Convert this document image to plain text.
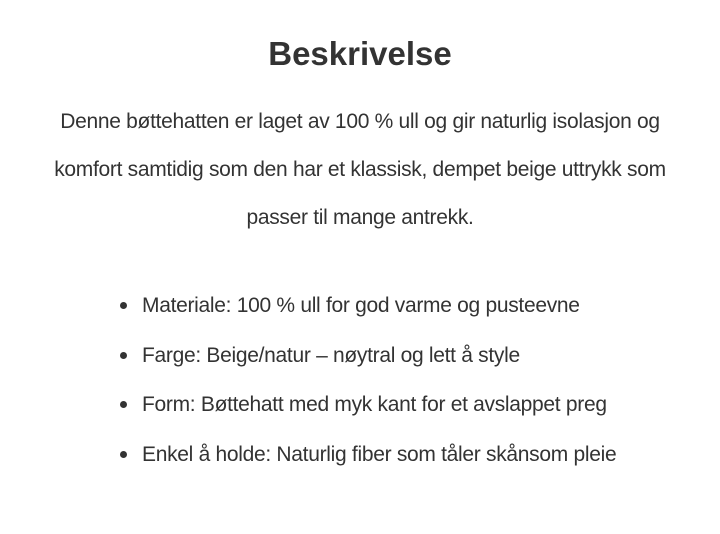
Beskrivelse

Denne bøttehatten er laget av 100 % ull og gir naturlig isolasjon og komfort samtidig som den har et klassisk, dempet beige uttrykk som passer til mange antrekk.

Materiale: 100 % ull for god varme og pusteevne
Farge: Beige/natur – nøytral og lett å style
Form: Bøttehatt med myk kant for et avslappet preg
Enkel å holde: Naturlig fiber som tåler skånsom pleie
